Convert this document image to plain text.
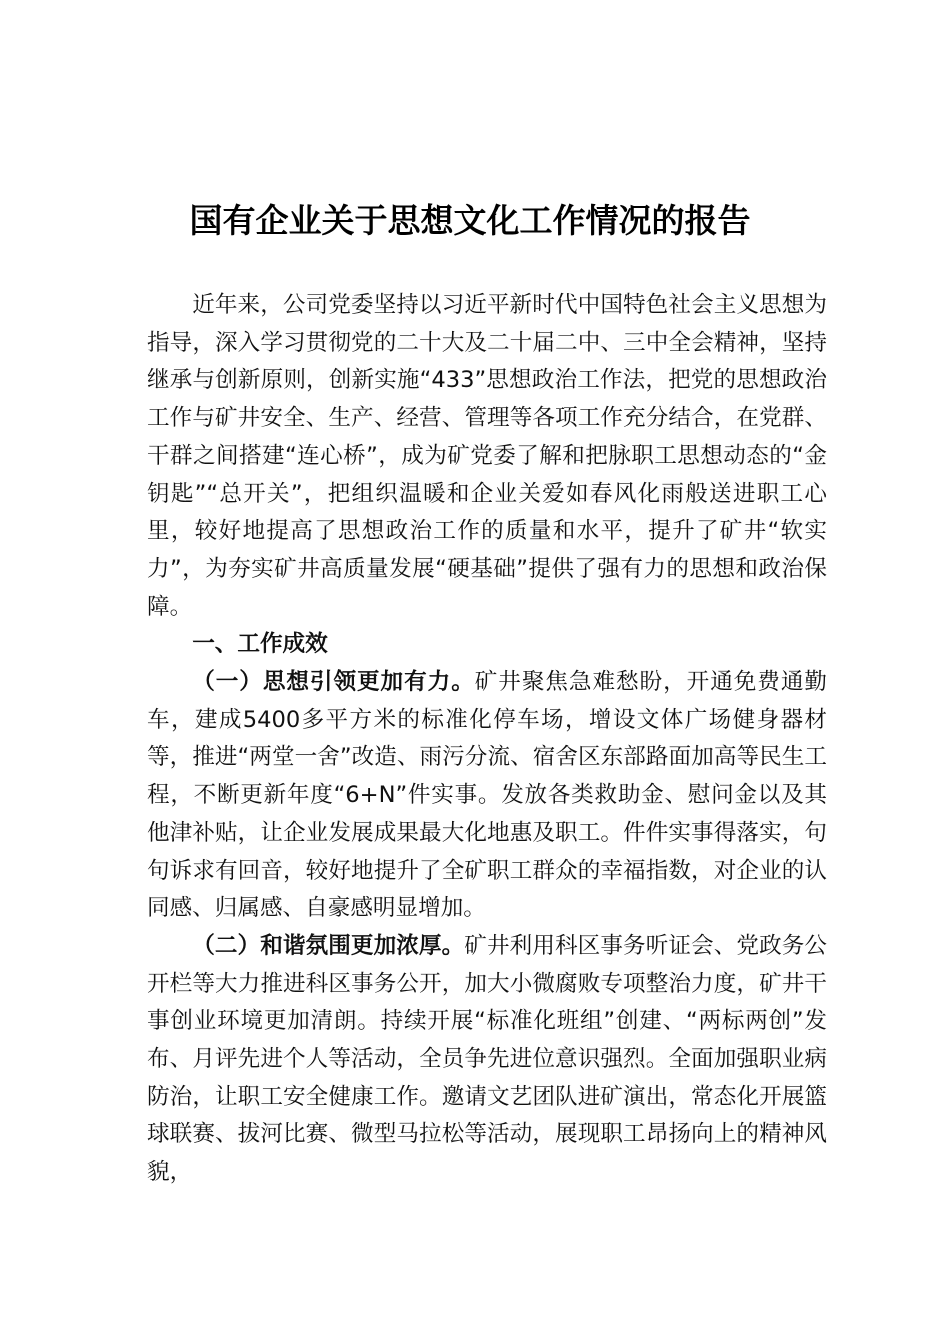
国有企业关于思想文化工作情况的报告

近年来，公司党委坚持以习近平新时代中国特色社会主义思想为指导，深入学习贯彻党的二十大及二十届二中、三中全会精神，坚持继承与创新原则，创新实施“433”思想政治工作法，把党的思想政治工作与矿井安全、生产、经营、管理等各项工作充分结合，在党群、干群之间搭建“连心桥”，成为矿党委了解和把脉职工思想动态的“金钥匙”“总开关”，把组织温暖和企业关爱如春风化雨般送进职工心里，较好地提高了思想政治工作的质量和水平，提升了矿井“软实力”，为夯实矿井高质量发展“硬基础”提供了强有力的思想和政治保障。

一、工作成效

（一）思想引领更加有力。矿井聚焦急难愁盼，开通免费通勤车，建成5400多平方米的标准化停车场，增设文体广场健身器材等，推进“两堂一舍”改造、雨污分流、宿舍区东部路面加高等民生工程，不断更新年度“6+N”件实事。发放各类救助金、慰问金以及其他津补贴，让企业发展成果最大化地惠及职工。件件实事得落实，句句诉求有回音，较好地提升了全矿职工群众的幸福指数，对企业的认同感、归属感、自豪感明显增加。

（二）和谐氛围更加浓厚。矿井利用科区事务听证会、党政务公开栏等大力推进科区事务公开，加大小微腐败专项整治力度，矿井干事创业环境更加清朗。持续开展“标准化班组”创建、“两标两创”发布、月评先进个人等活动，全员争先进位意识强烈。全面加强职业病防治，让职工安全健康工作。邀请文艺团队进矿演出，常态化开展篮球联赛、拔河比赛、微型马拉松等活动，展现职工昂扬向上的精神风貌，
